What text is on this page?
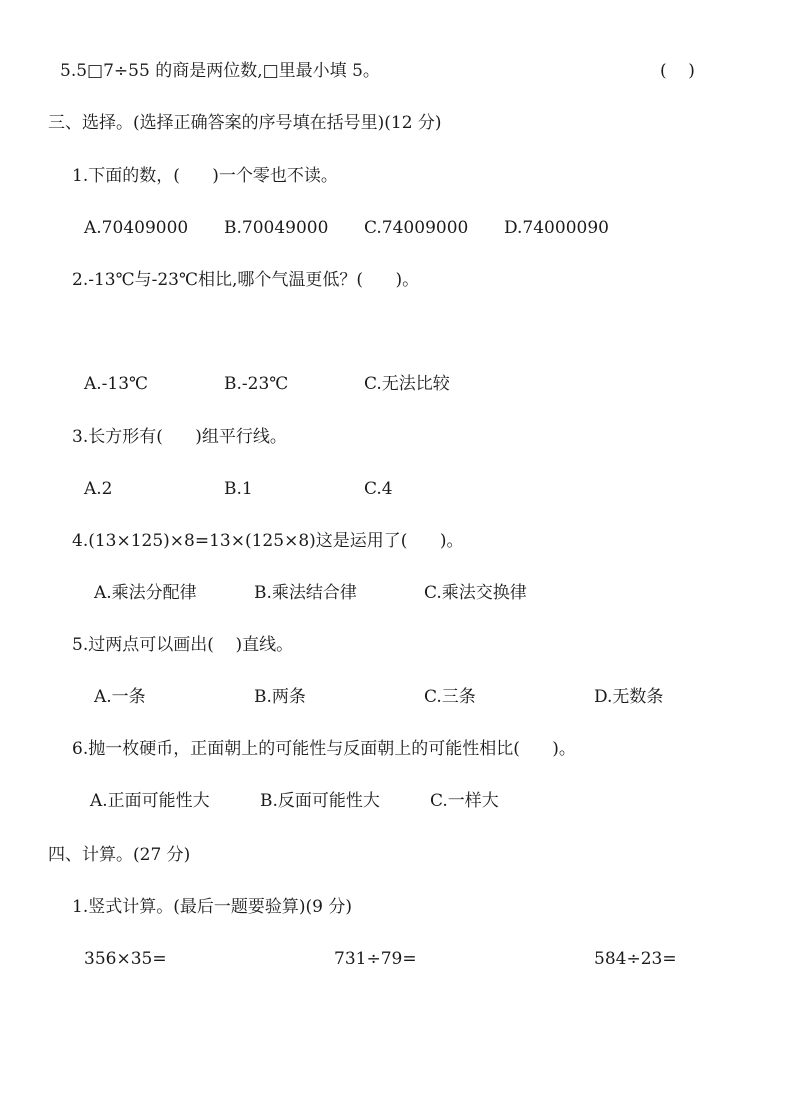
5.5□7÷55 的商是两位数,□里最小填 5。	(    )
三、选择。(选择正确答案的序号填在括号里)(12 分)
1.下面的数，(      )一个零也不读。
A.70409000 B.70049000 C.74009000 D.74000090
2.-13℃与-23℃相比,哪个气温更低？(      )。
A.-13℃	B.-23℃	C.无法比较
3.长方形有(      )组平行线。
A.2	B.1	C.4
4.(13×125)×8=13×(125×8)这是运用了(      )。
A.乘法分配律	B.乘法结合律	C.乘法交换律
5.过两点可以画出(    )直线。
A.一条	B.两条	C.三条	D.无数条
6.抛一枚硬币，正面朝上的可能性与反面朝上的可能性相比(      )。
A.正面可能性大	B.反面可能性大	C.一样大
四、计算。(27 分)
1.竖式计算。(最后一题要验算)(9 分)
356×35=	731÷79=	584÷23=
